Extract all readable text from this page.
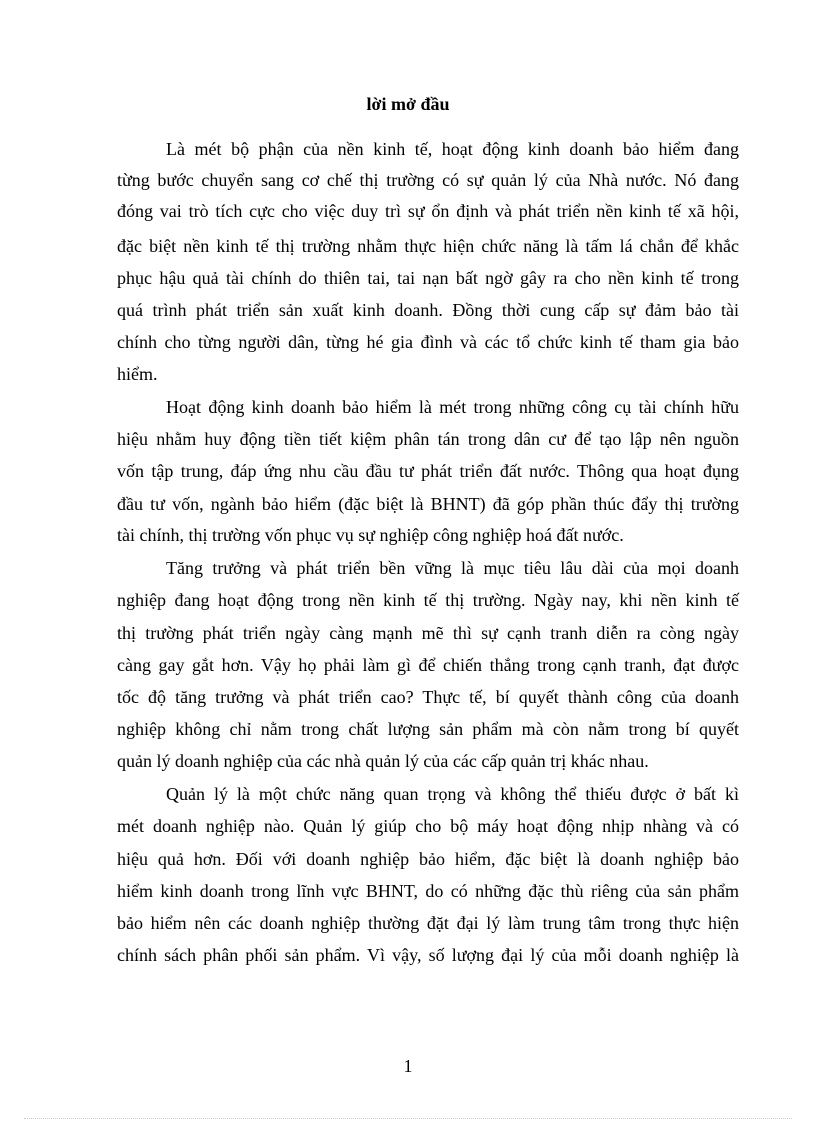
lời mở đầu
Là mét bộ phận của nền kinh tế, hoạt động kinh doanh bảo hiểm đang
từng bước chuyển sang cơ chế thị trường có sự quản lý của Nhà nước. Nó đang
đóng vai trò tích cực cho việc duy trì sự ổn định và phát triển nền kinh tế xã hội,
đặc biệt nền kinh tế thị trường nhằm thực hiện chức năng là tấm lá chắn để khắc
phục hậu quả tài chính do thiên tai, tai nạn bất ngờ gây ra cho nền kinh tế trong
quá trình phát triển sản xuất kinh doanh. Đồng thời cung cấp sự đảm bảo tài
chính cho từng người dân, từng hé gia đình và các tổ chức kinh tế tham gia bảo
hiểm.
Hoạt động kinh doanh bảo hiểm là mét trong những công cụ tài chính hữu
hiệu nhằm huy động tiền tiết kiệm phân tán trong dân cư để tạo lập nên nguồn
vốn tập trung, đáp ứng nhu cầu đầu tư phát triển đất nước. Thông qua hoạt đụng
đầu tư vốn, ngành bảo hiểm (đặc biệt là BHNT) đã góp phần thúc đẩy thị trường
tài chính, thị trường vốn phục vụ sự nghiệp công nghiệp hoá đất nước.
Tăng trưởng và phát triển bền vững là mục tiêu lâu dài của mọi doanh
nghiệp đang hoạt động trong nền kinh tế thị trường. Ngày nay, khi nền kinh tế
thị trường phát triển ngày càng mạnh mẽ thì sự cạnh tranh diễn ra còng ngày
càng gay gắt hơn. Vậy họ phải làm gì để chiến thắng trong cạnh tranh, đạt được
tốc độ tăng trưởng và phát triển cao? Thực tế, bí quyết thành công của doanh
nghiệp không chỉ nằm trong chất lượng sản phẩm mà còn nằm trong bí quyết
quản lý doanh nghiệp của các nhà quản lý của các cấp quản trị khác nhau.
Quản lý là một chức năng quan trọng và không thể thiếu được ở bất kì
mét doanh nghiệp nào. Quản lý giúp cho bộ máy hoạt động nhịp nhàng và có
hiệu quả hơn. Đối với doanh nghiệp bảo hiểm, đặc biệt là doanh nghiệp bảo
hiểm kinh doanh trong lĩnh vực BHNT, do có những đặc thù riêng của sản phẩm
bảo hiểm nên các doanh nghiệp thường đặt đại lý làm trung tâm trong thực hiện
chính sách phân phối sản phẩm. Vì vậy, số lượng đại lý của mỗi doanh nghiệp là
1
